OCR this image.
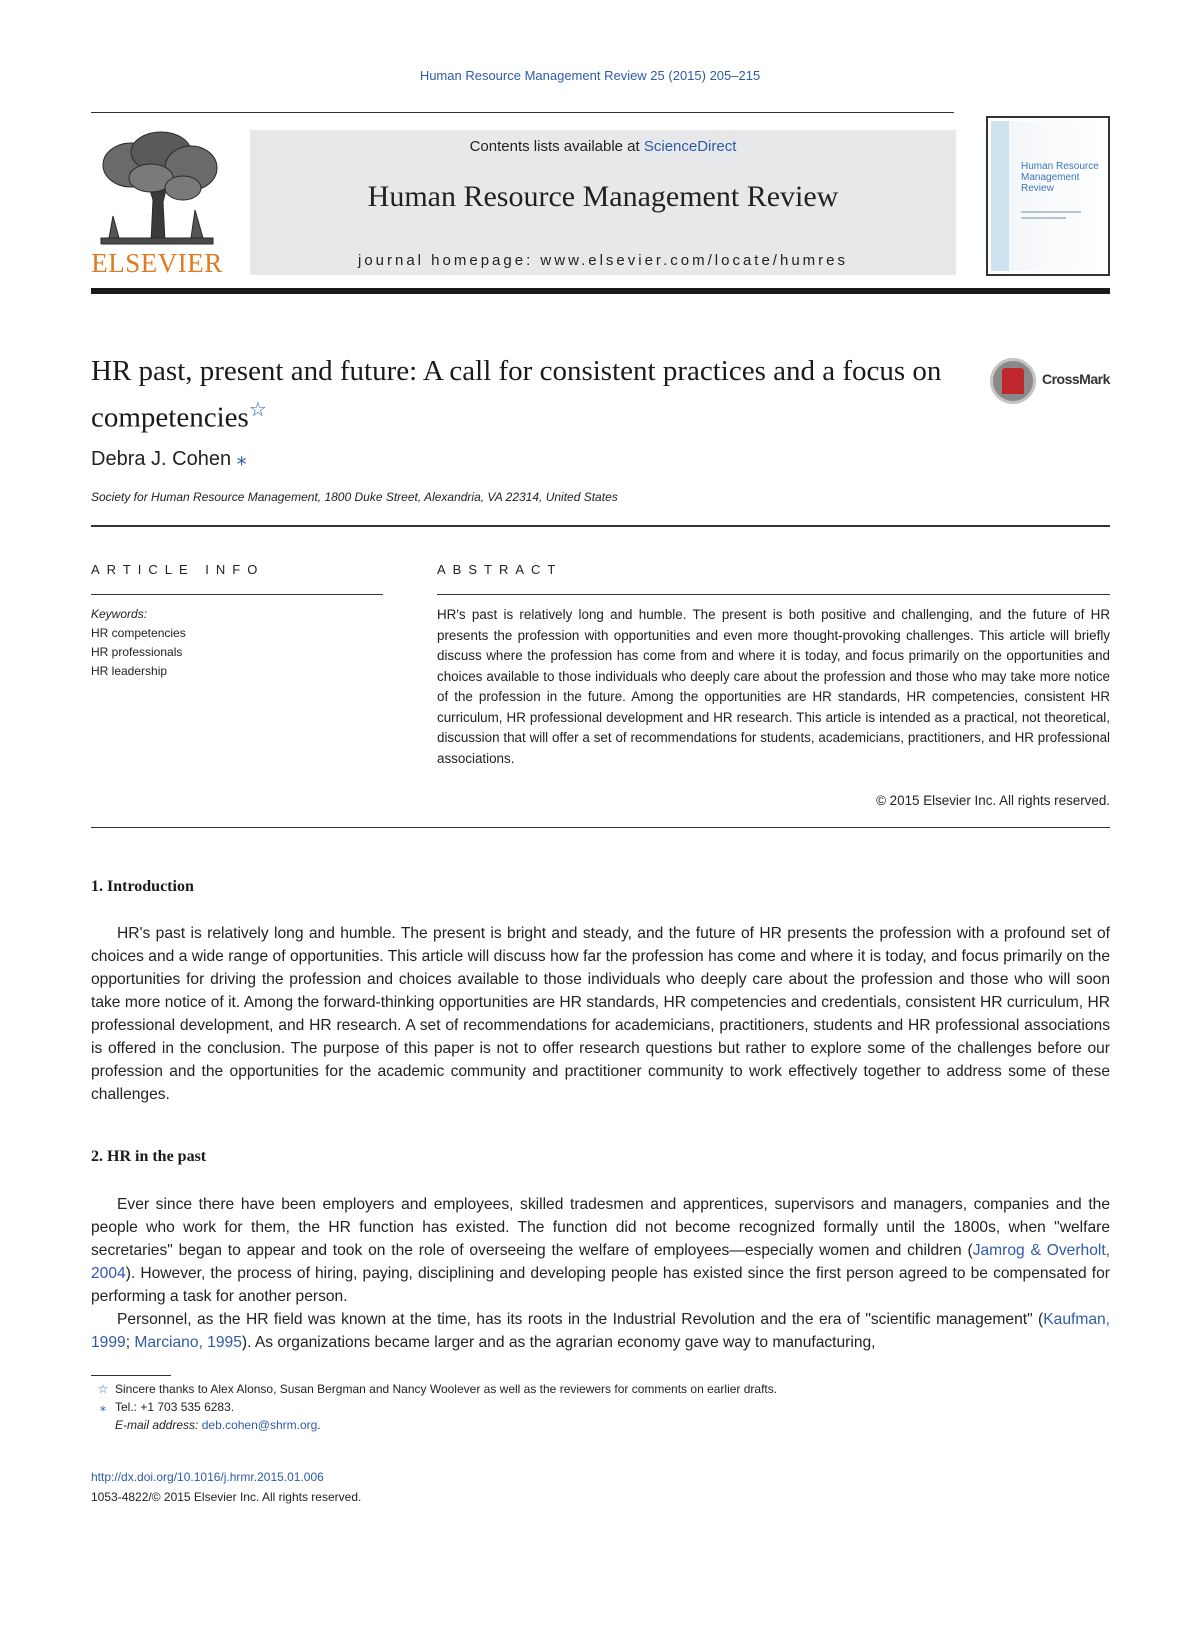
Human Resource Management Review 25 (2015) 205–215
ELSEVIER
Contents lists available at ScienceDirect
Human Resource Management Review
journal homepage: www.elsevier.com/locate/humres
Human Resource Management Review
HR past, present and future: A call for consistent practices and a focus on competencies☆
CrossMark
Debra J. Cohen ⁎
Society for Human Resource Management, 1800 Duke Street, Alexandria, VA 22314, United States
ARTICLE INFO	ABSTRACT
Keywords:
HR competencies
HR professionals
HR leadership
HR's past is relatively long and humble. The present is both positive and challenging, and the future of HR presents the profession with opportunities and even more thought-provoking challenges. This article will briefly discuss where the profession has come from and where it is today, and focus primarily on the opportunities and choices available to those individuals who deeply care about the profession and those who may take more notice of the profession in the future. Among the opportunities are HR standards, HR competencies, consistent HR curriculum, HR professional development and HR research. This article is intended as a practical, not theoretical, discussion that will offer a set of recommendations for students, academicians, practitioners, and HR professional associations.
© 2015 Elsevier Inc. All rights reserved.
1. Introduction
HR's past is relatively long and humble. The present is bright and steady, and the future of HR presents the profession with a profound set of choices and a wide range of opportunities. This article will discuss how far the profession has come and where it is today, and focus primarily on the opportunities for driving the profession and choices available to those individuals who deeply care about the profession and those who will soon take more notice of it. Among the forward-thinking opportunities are HR standards, HR competencies and credentials, consistent HR curriculum, HR professional development, and HR research. A set of recommendations for academicians, practitioners, students and HR professional associations is offered in the conclusion. The purpose of this paper is not to offer research questions but rather to explore some of the challenges before our profession and the opportunities for the academic community and practitioner community to work effectively together to address some of these challenges.
2. HR in the past
Ever since there have been employers and employees, skilled tradesmen and apprentices, supervisors and managers, companies and the people who work for them, the HR function has existed. The function did not become recognized formally until the 1800s, when "welfare secretaries" began to appear and took on the role of overseeing the welfare of employees—especially women and children (Jamrog & Overholt, 2004). However, the process of hiring, paying, disciplining and developing people has existed since the first person agreed to be compensated for performing a task for another person.
Personnel, as the HR field was known at the time, has its roots in the Industrial Revolution and the era of "scientific management" (Kaufman, 1999; Marciano, 1995). As organizations became larger and as the agrarian economy gave way to manufacturing,
☆ Sincere thanks to Alex Alonso, Susan Bergman and Nancy Woolever as well as the reviewers for comments on earlier drafts.
⁎ Tel.: +1 703 535 6283.
E-mail address: deb.cohen@shrm.org.
http://dx.doi.org/10.1016/j.hrmr.2015.01.006
1053-4822/© 2015 Elsevier Inc. All rights reserved.
